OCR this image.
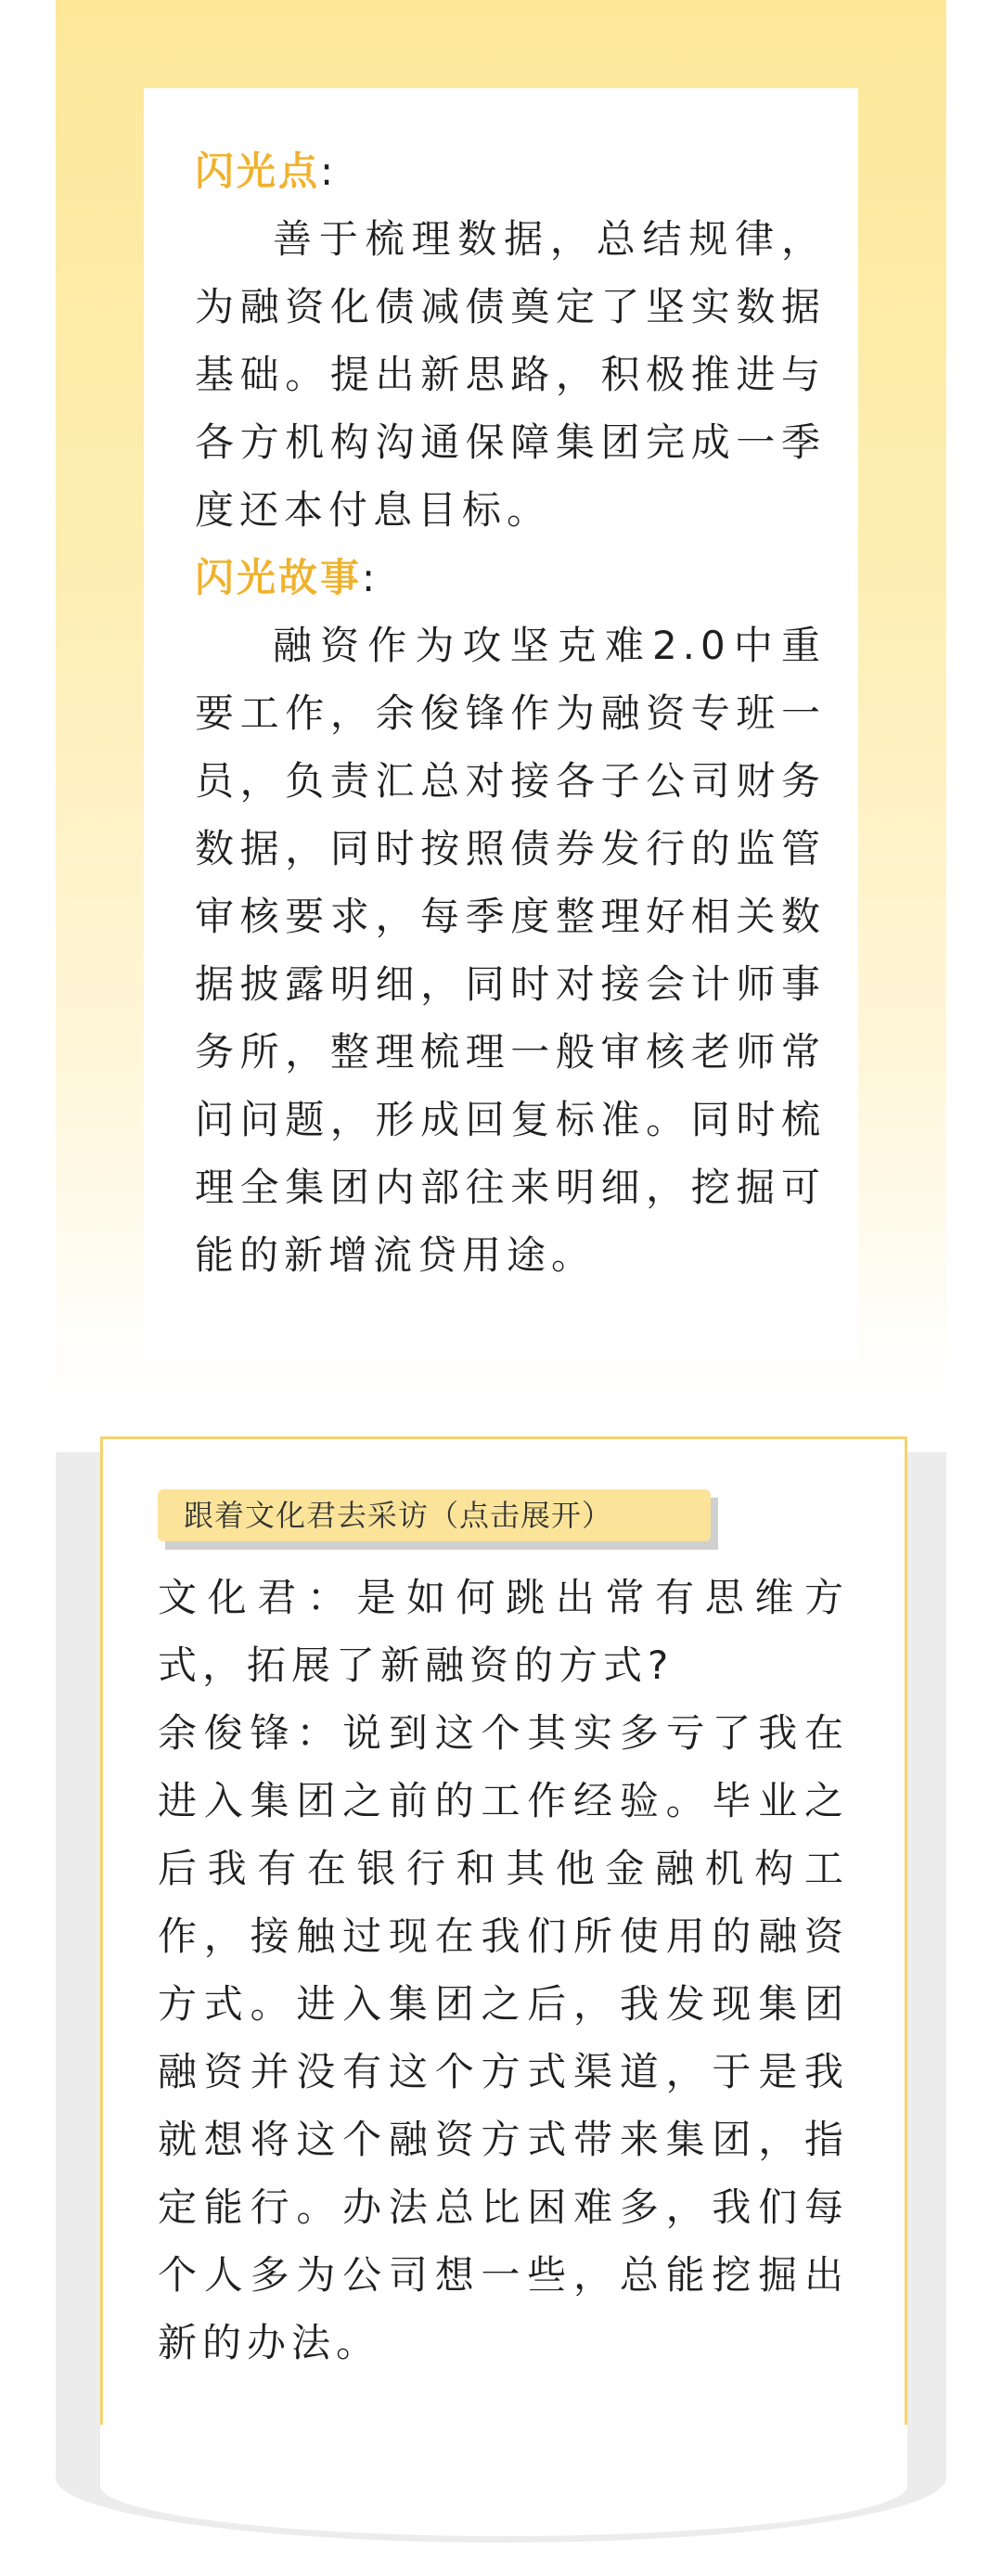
闪光点:

善于梳理数据，总结规律，为融资化债减债奠定了坚实数据基础。提出新思路，积极推进与各方机构沟通保障集团完成一季度还本付息目标。

闪光故事:

融资作为攻坚克难2.0中重要工作，余俊锋作为融资专班一员，负责汇总对接各子公司财务数据，同时按照债券发行的监管审核要求，每季度整理好相关数据披露明细，同时对接会计师事务所，整理梳理一般审核老师常问问题，形成回复标准。同时梳理全集团内部往来明细，挖掘可能的新增流贷用途。

跟着文化君去采访（点击展开）

文化君：是如何跳出常有思维方式，拓展了新融资的方式?

余俊锋：说到这个其实多亏了我在进入集团之前的工作经验。毕业之后我有在银行和其他金融机构工作，接触过现在我们所使用的融资方式。进入集团之后，我发现集团融资并没有这个方式渠道，于是我就想将这个融资方式带来集团，指定能行。办法总比困难多，我们每个人多为公司想一些，总能挖掘出新的办法。
